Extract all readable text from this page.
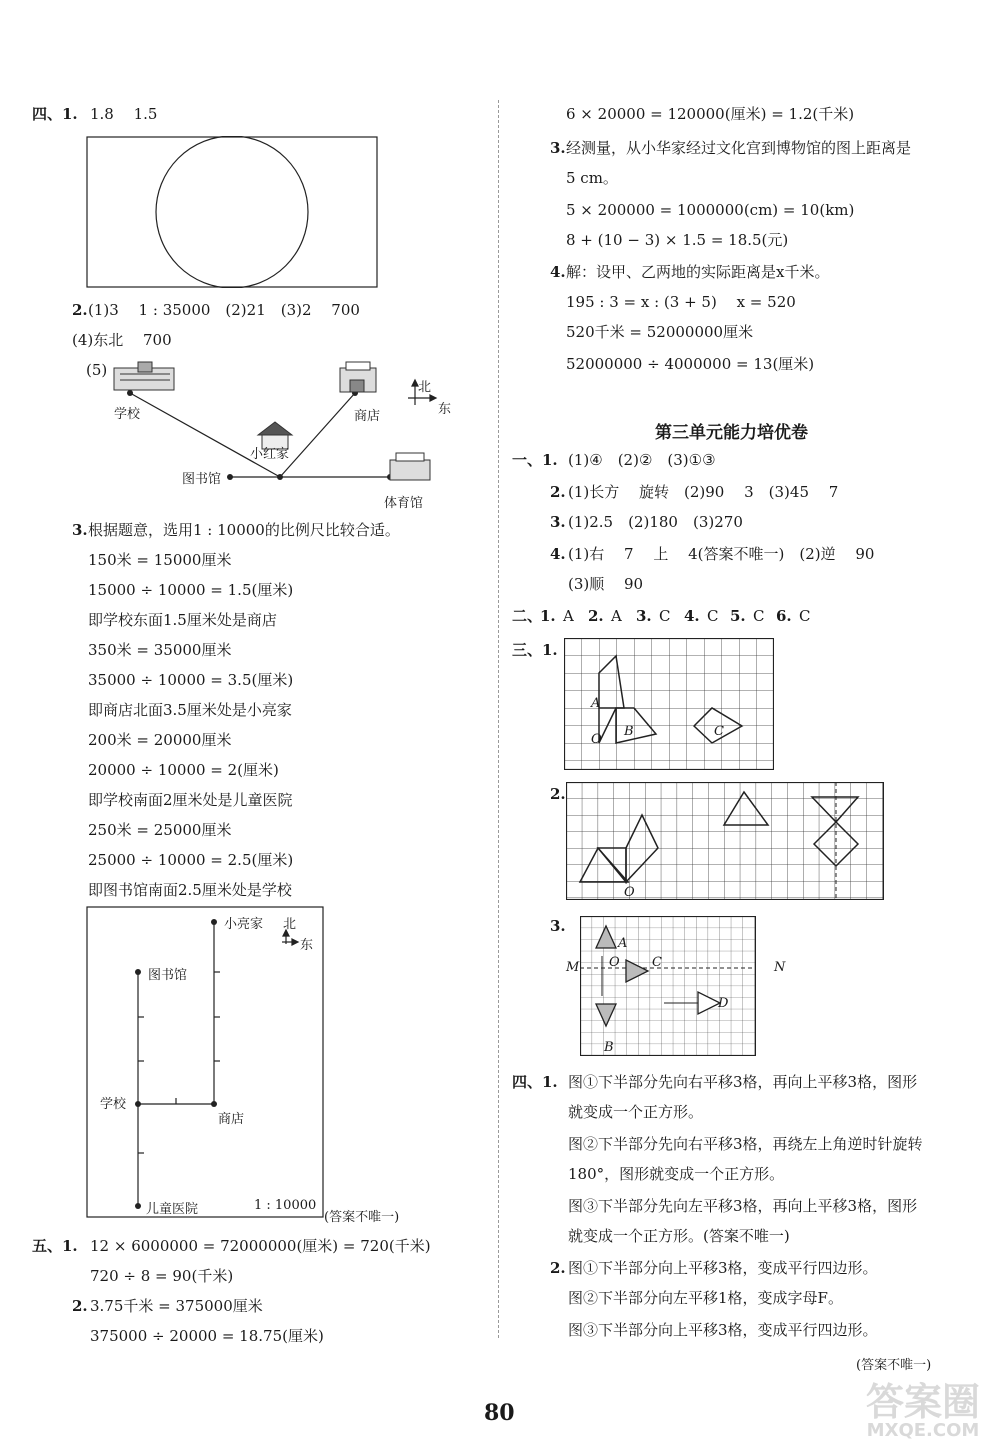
四、1. 1.8　 1.5
2. (1)3　 1 : 35000　(2)21　(3)2　 700
(4)东北　 700
(5)
学校
小红家
图书馆
商店
体育馆
北
东
3. 根据题意，选用1 : 10000的比例尺比较合适。
150米 = 15000厘米
15000 ÷ 10000 = 1.5(厘米)
即学校东面1.5厘米处是商店
350米 = 35000厘米
35000 ÷ 10000 = 3.5(厘米)
即商店北面3.5厘米处是小亮家
200米 = 20000厘米
20000 ÷ 10000 = 2(厘米)
即学校南面2厘米处是儿童医院
250米 = 25000厘米
25000 ÷ 10000 = 2.5(厘米)
即图书馆南面2.5厘米处是学校
小亮家 北
东
图书馆
学校
商店
儿童医院	1 : 10000
(答案不唯一)
五、1. 12 × 6000000 = 72000000(厘米) = 720(千米)
720 ÷ 8 = 90(千米)
2. 3.75千米 = 375000厘米
375000 ÷ 20000 = 18.75(厘米)
6 × 20000 = 120000(厘米) = 1.2(千米)
3. 经测量，从小华家经过文化宫到博物馆的图上距离是
5 cm。
5 × 200000 = 1000000(cm) = 10(km)
8 + (10 − 3) × 1.5 = 18.5(元)
4. 解：设甲、乙两地的实际距离是x千米。
195 : 3 = x : (3 + 5)　 x = 520
520千米 = 52000000厘米
52000000 ÷ 4000000 = 13(厘米)
第三单元能力培优卷
一、1. (1)④　(2)②　(3)①③
2. (1)长方　 旋转　(2)90　 3　(3)45　 7
3. (1)2.5　(2)180　(3)270
4. (1)右　 7　 上　 4(答案不唯一)　(2)逆　 90
(3)顺　 90
二、
1. A 2. A 3. C 4. C 5. C 6. C
三、1.
A
O
B	C
2.
O
3.
M	N
A
O C
D
B
四、1. 图①下半部分先向右平移3格，再向上平移3格，图形
就变成一个正方形。
图②下半部分先向右平移3格，再绕左上角逆时针旋转
180°，图形就变成一个正方形。
图③下半部分先向左平移3格，再向上平移3格，图形
就变成一个正方形。(答案不唯一)
2. 图①下半部分向上平移3格，变成平行四边形。
图②下半部分向左平移1格，变成字母F。
图③下半部分向上平移3格，变成平行四边形。
(答案不唯一)
80	答案圈
MXQE.COM
